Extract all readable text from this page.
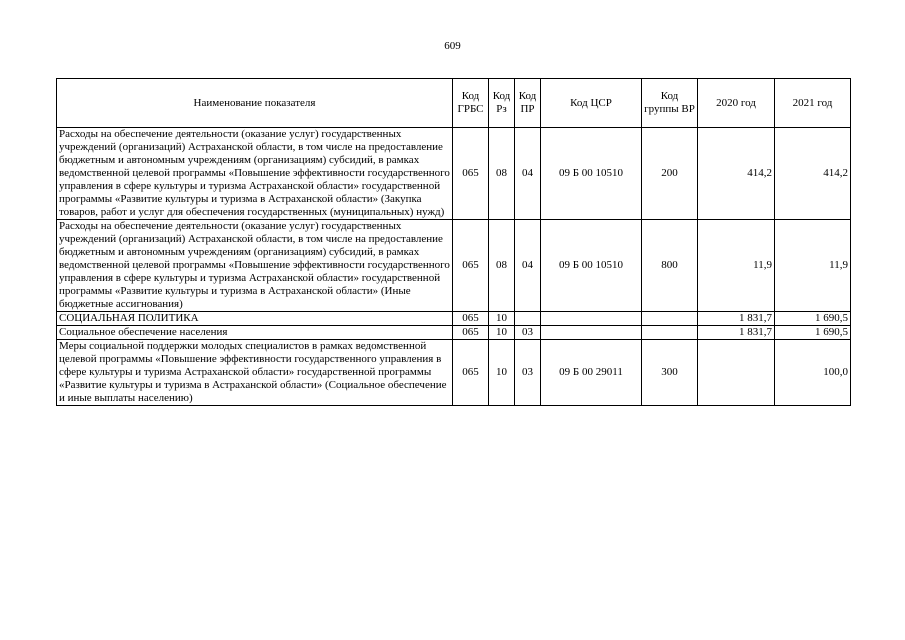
609
Наименование показателя	Код ГРБС	Код Рз	Код ПР	Код ЦСР	Код группы ВР	2020 год	2021 год
Расходы на обеспечение деятельности (оказание услуг) государственных учреждений (организаций) Астраханской области, в том числе на предоставление бюджетным и автономным учреждениям (организациям) субсидий, в рамках ведомственной целевой программы «Повышение эффективности государственного управления в сфере культуры и туризма Астраханской области» государственной программы «Развитие культуры и туризма в Астраханской области» (Закупка товаров, работ и услуг для обеспечения государственных (муниципальных) нужд)	065	08	04	09 Б 00 10510	200	414,2	414,2
Расходы на обеспечение деятельности (оказание услуг) государственных учреждений (организаций) Астраханской области, в том числе на предоставление бюджетным и автономным учреждениям (организациям) субсидий, в рамках ведомственной целевой программы «Повышение эффективности государственного управления в сфере культуры и туризма Астраханской области» государственной программы «Развитие культуры и туризма в Астраханской области» (Иные бюджетные ассигнования)	065	08	04	09 Б 00 10510	800	11,9	11,9
СОЦИАЛЬНАЯ ПОЛИТИКА	065	10				1 831,7	1 690,5
Социальное обеспечение населения	065	10	03			1 831,7	1 690,5
Меры социальной поддержки молодых специалистов в рамках ведомственной целевой программы «Повышение эффективности государственного управления в сфере культуры и туризма Астраханской области» государственной программы «Развитие культуры и туризма в Астраханской области» (Социальное обеспечение и иные выплаты населению)	065	10	03	09 Б 00 29011	300		100,0
